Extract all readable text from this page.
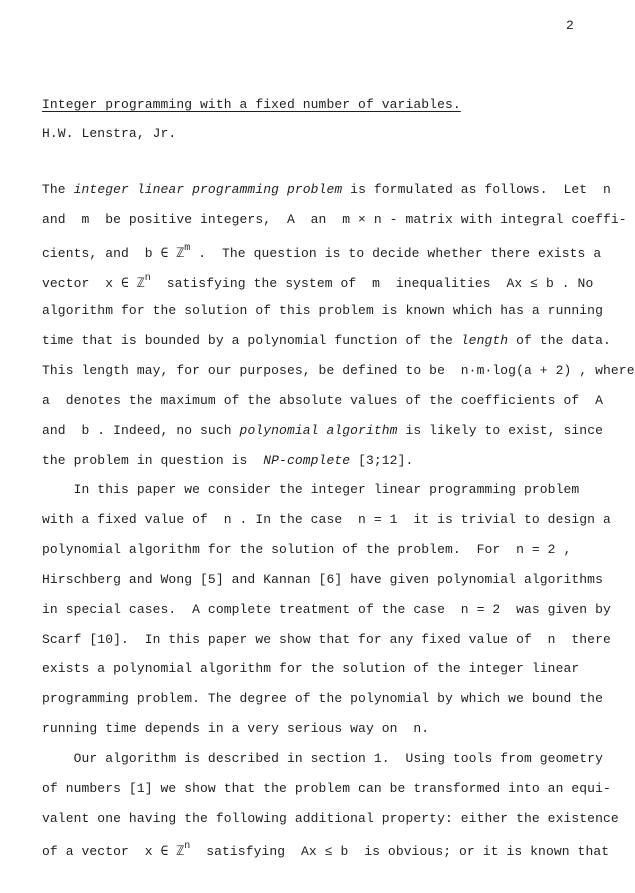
2
Integer programming with a fixed number of variables.
H.W. Lenstra, Jr.
The integer linear programming problem is formulated as follows.  Let  n
and  m  be positive integers,  A  an  m × n - matrix with integral coeffi-
cients, and  b ∈ ℤ$^m$ .  The question is to decide whether there exists a
vector  x ∈ ℤ$^n$  satisfying the system of  m  inequalities  Ax ≤ b . No
algorithm for the solution of this problem is known which has a running
time that is bounded by a polynomial function of the length of the data.
This length may, for our purposes, be defined to be  n·m·log(a + 2) , where
a  denotes the maximum of the absolute values of the coefficients of  A
and  b . Indeed, no such polynomial algorithm is likely to exist, since
the problem in question is  NP-complete [3;12].
In this paper we consider the integer linear programming problem
with a fixed value of  n . In the case  n = 1  it is trivial to design a
polynomial algorithm for the solution of the problem.  For  n = 2 ,
Hirschberg and Wong [5] and Kannan [6] have given polynomial algorithms
in special cases.  A complete treatment of the case  n = 2  was given by
Scarf [10].  In this paper we show that for any fixed value of  n  there
exists a polynomial algorithm for the solution of the integer linear
programming problem. The degree of the polynomial by which we bound the
running time depends in a very serious way on  n.
Our algorithm is described in section 1.  Using tools from geometry
of numbers [1] we show that the problem can be transformed into an equi-
valent one having the following additional property: either the existence
of a vector  x ∈ ℤ$^n$  satisfying  Ax ≤ b  is obvious; or it is known that
